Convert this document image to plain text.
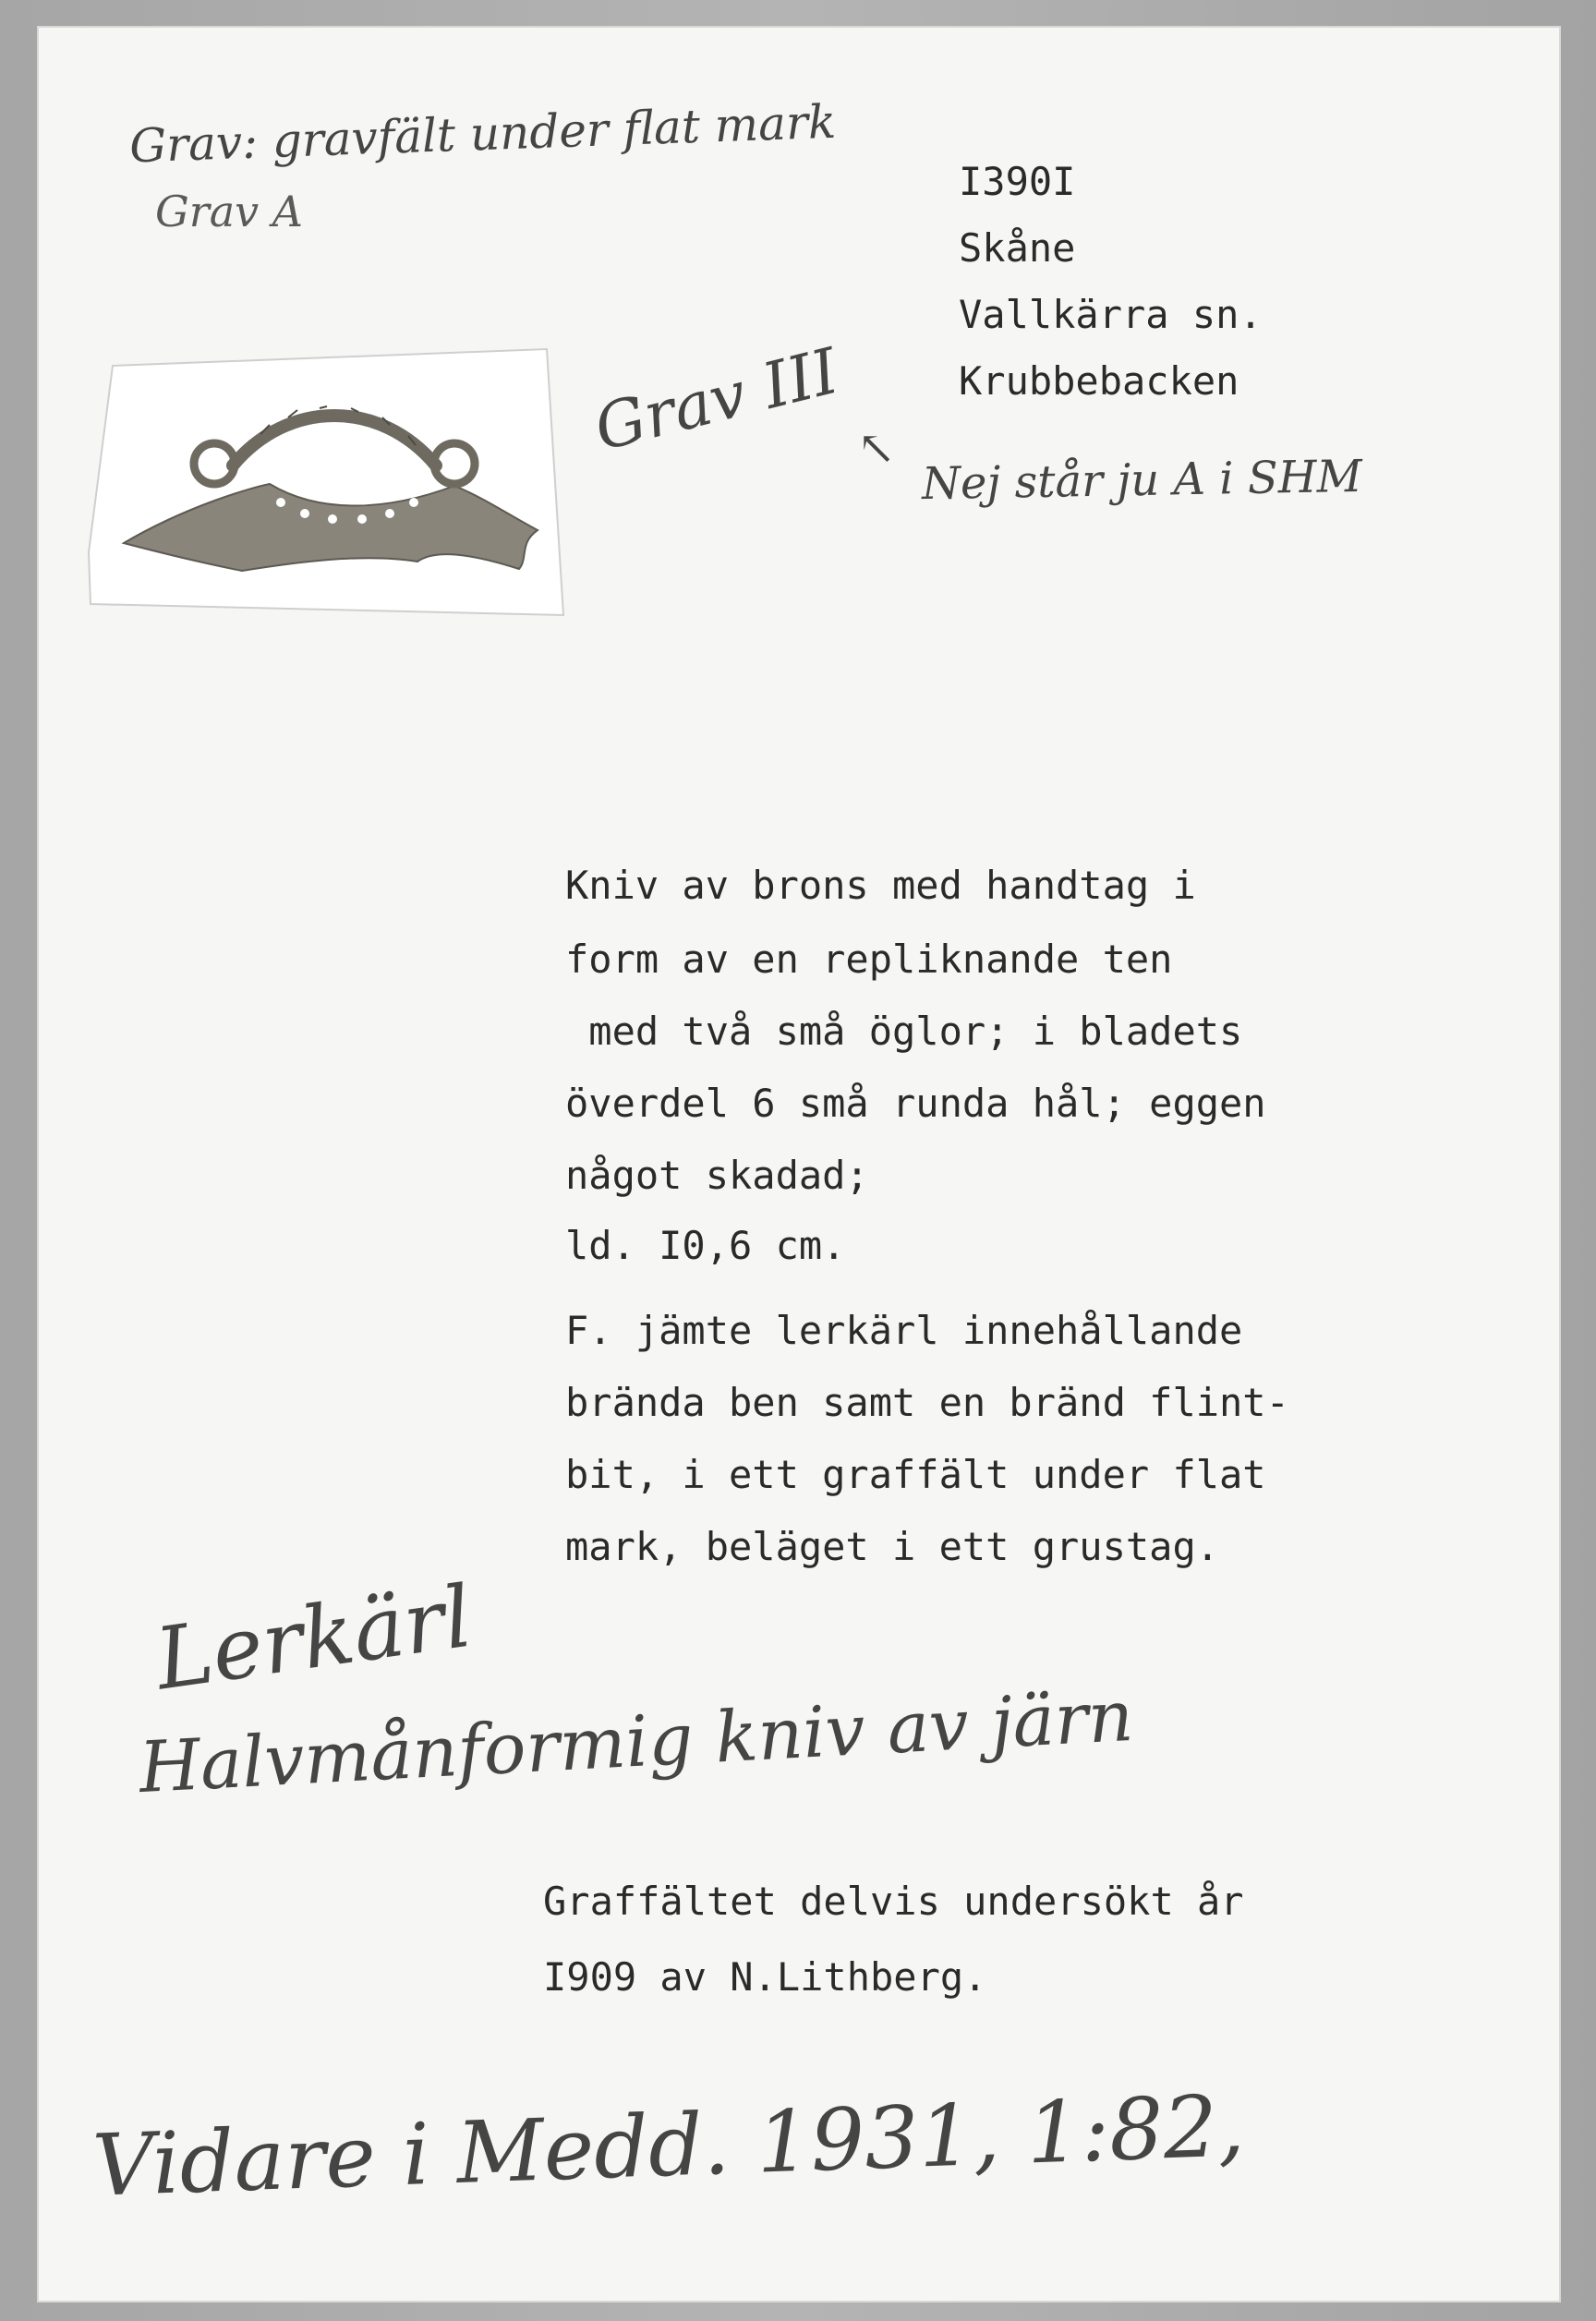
Grav: gravfält under flat mark
Grav A
I390I
Skåne
Vallkärra sn.
Krubbebacken
Grav III ↖
Nej står ju A i SHM
Kniv av brons med handtag i
form av en repliknande ten
med två små öglor; i bladets
överdel 6 små runda hål; eggen
något skadad;
ld. I0,6 cm.
F. jämte lerkärl innehållande
brända ben samt en bränd flint-
bit, i ett graffält under flat
mark, beläget i ett grustag.
Lerkärl
Halvmånformig kniv av järn
Graffältet delvis undersökt år
I909 av N.Lithberg.
Vidare i Medd. 1931, 1:82,
